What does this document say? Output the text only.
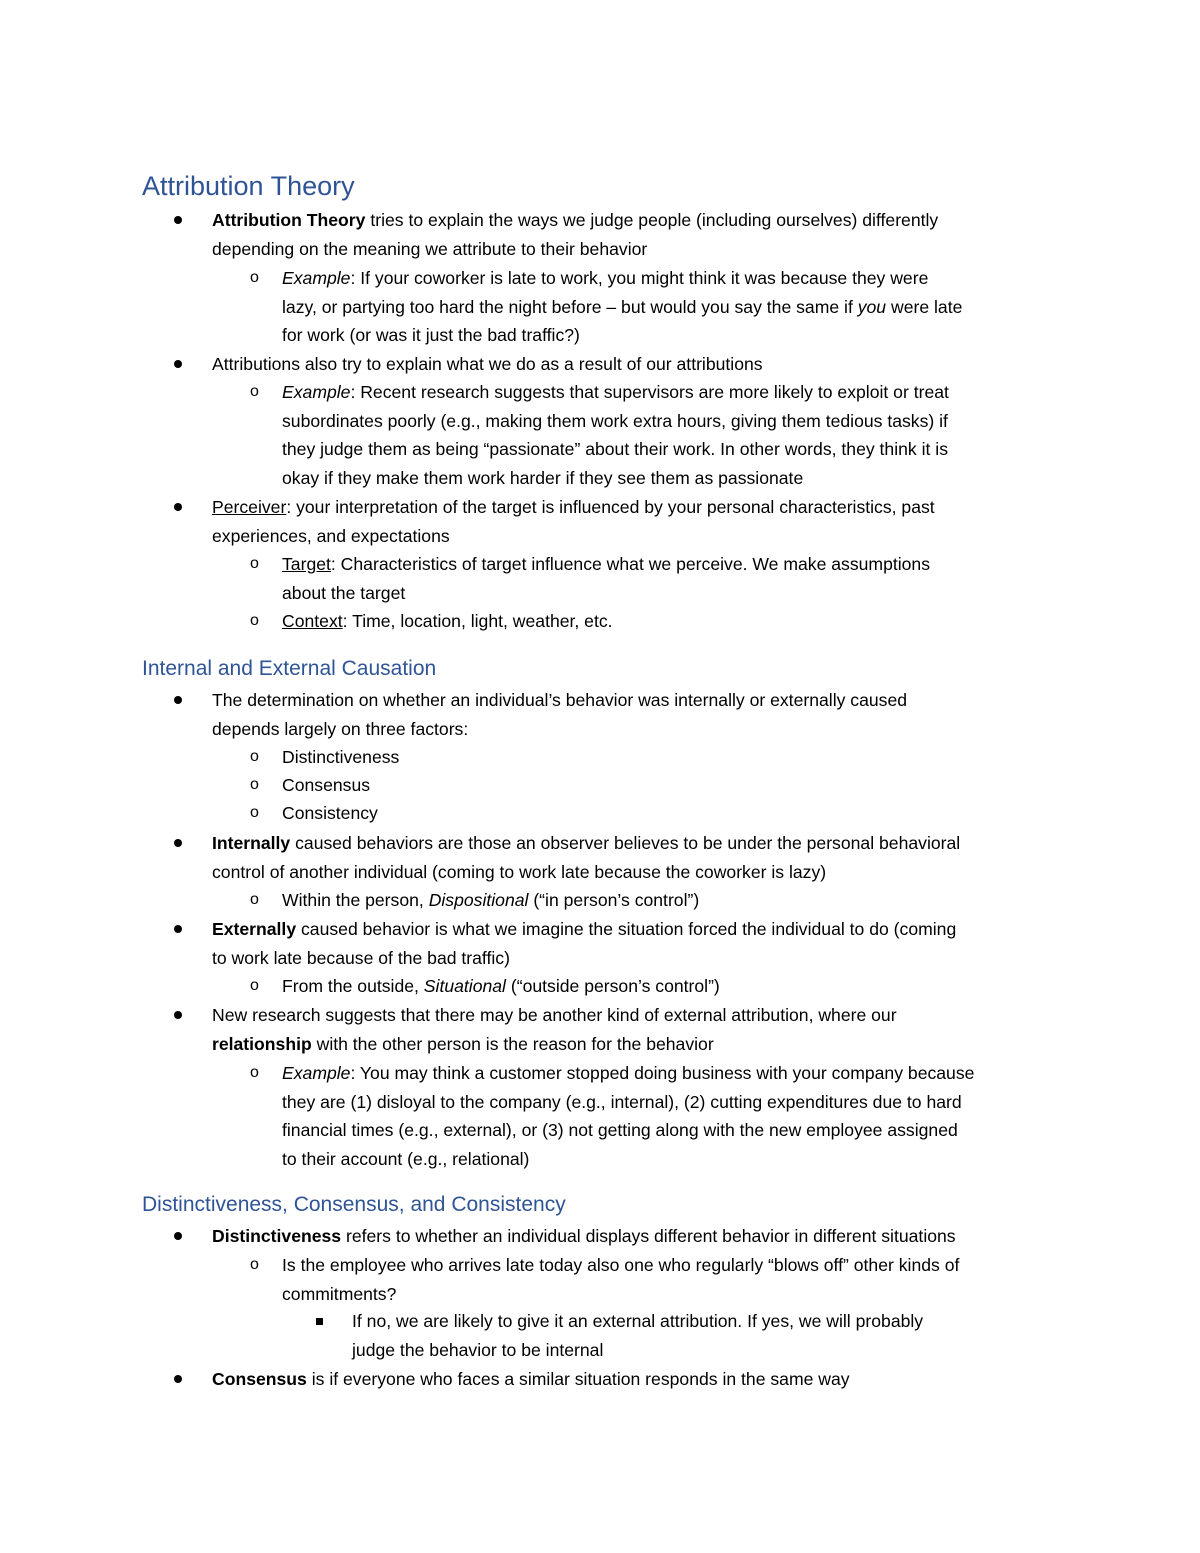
Attribution Theory
Attribution Theory tries to explain the ways we judge people (including ourselves) differently
depending on the meaning we attribute to their behavior
o Example: If your coworker is late to work, you might think it was because they were
lazy, or partying too hard the night before – but would you say the same if you were late
for work (or was it just the bad traffic?)
Attributions also try to explain what we do as a result of our attributions
o Example: Recent research suggests that supervisors are more likely to exploit or treat
subordinates poorly (e.g., making them work extra hours, giving them tedious tasks) if
they judge them as being “passionate” about their work. In other words, they think it is
okay if they make them work harder if they see them as passionate
Perceiver: your interpretation of the target is influenced by your personal characteristics, past
experiences, and expectations
o Target: Characteristics of target influence what we perceive. We make assumptions
about the target
o Context: Time, location, light, weather, etc.
Internal and External Causation
The determination on whether an individual’s behavior was internally or externally caused
depends largely on three factors:
o Distinctiveness
o Consensus
o Consistency
Internally caused behaviors are those an observer believes to be under the personal behavioral
control of another individual (coming to work late because the coworker is lazy)
o Within the person, Dispositional (“in person’s control”)
Externally caused behavior is what we imagine the situation forced the individual to do (coming
to work late because of the bad traffic)
o From the outside, Situational (“outside person’s control”)
New research suggests that there may be another kind of external attribution, where our
relationship with the other person is the reason for the behavior
o Example: You may think a customer stopped doing business with your company because
they are (1) disloyal to the company (e.g., internal), (2) cutting expenditures due to hard
financial times (e.g., external), or (3) not getting along with the new employee assigned
to their account (e.g., relational)
Distinctiveness, Consensus, and Consistency
Distinctiveness refers to whether an individual displays different behavior in different situations
o Is the employee who arrives late today also one who regularly “blows off” other kinds of
commitments?
If no, we are likely to give it an external attribution. If yes, we will probably
judge the behavior to be internal
Consensus is if everyone who faces a similar situation responds in the same way
